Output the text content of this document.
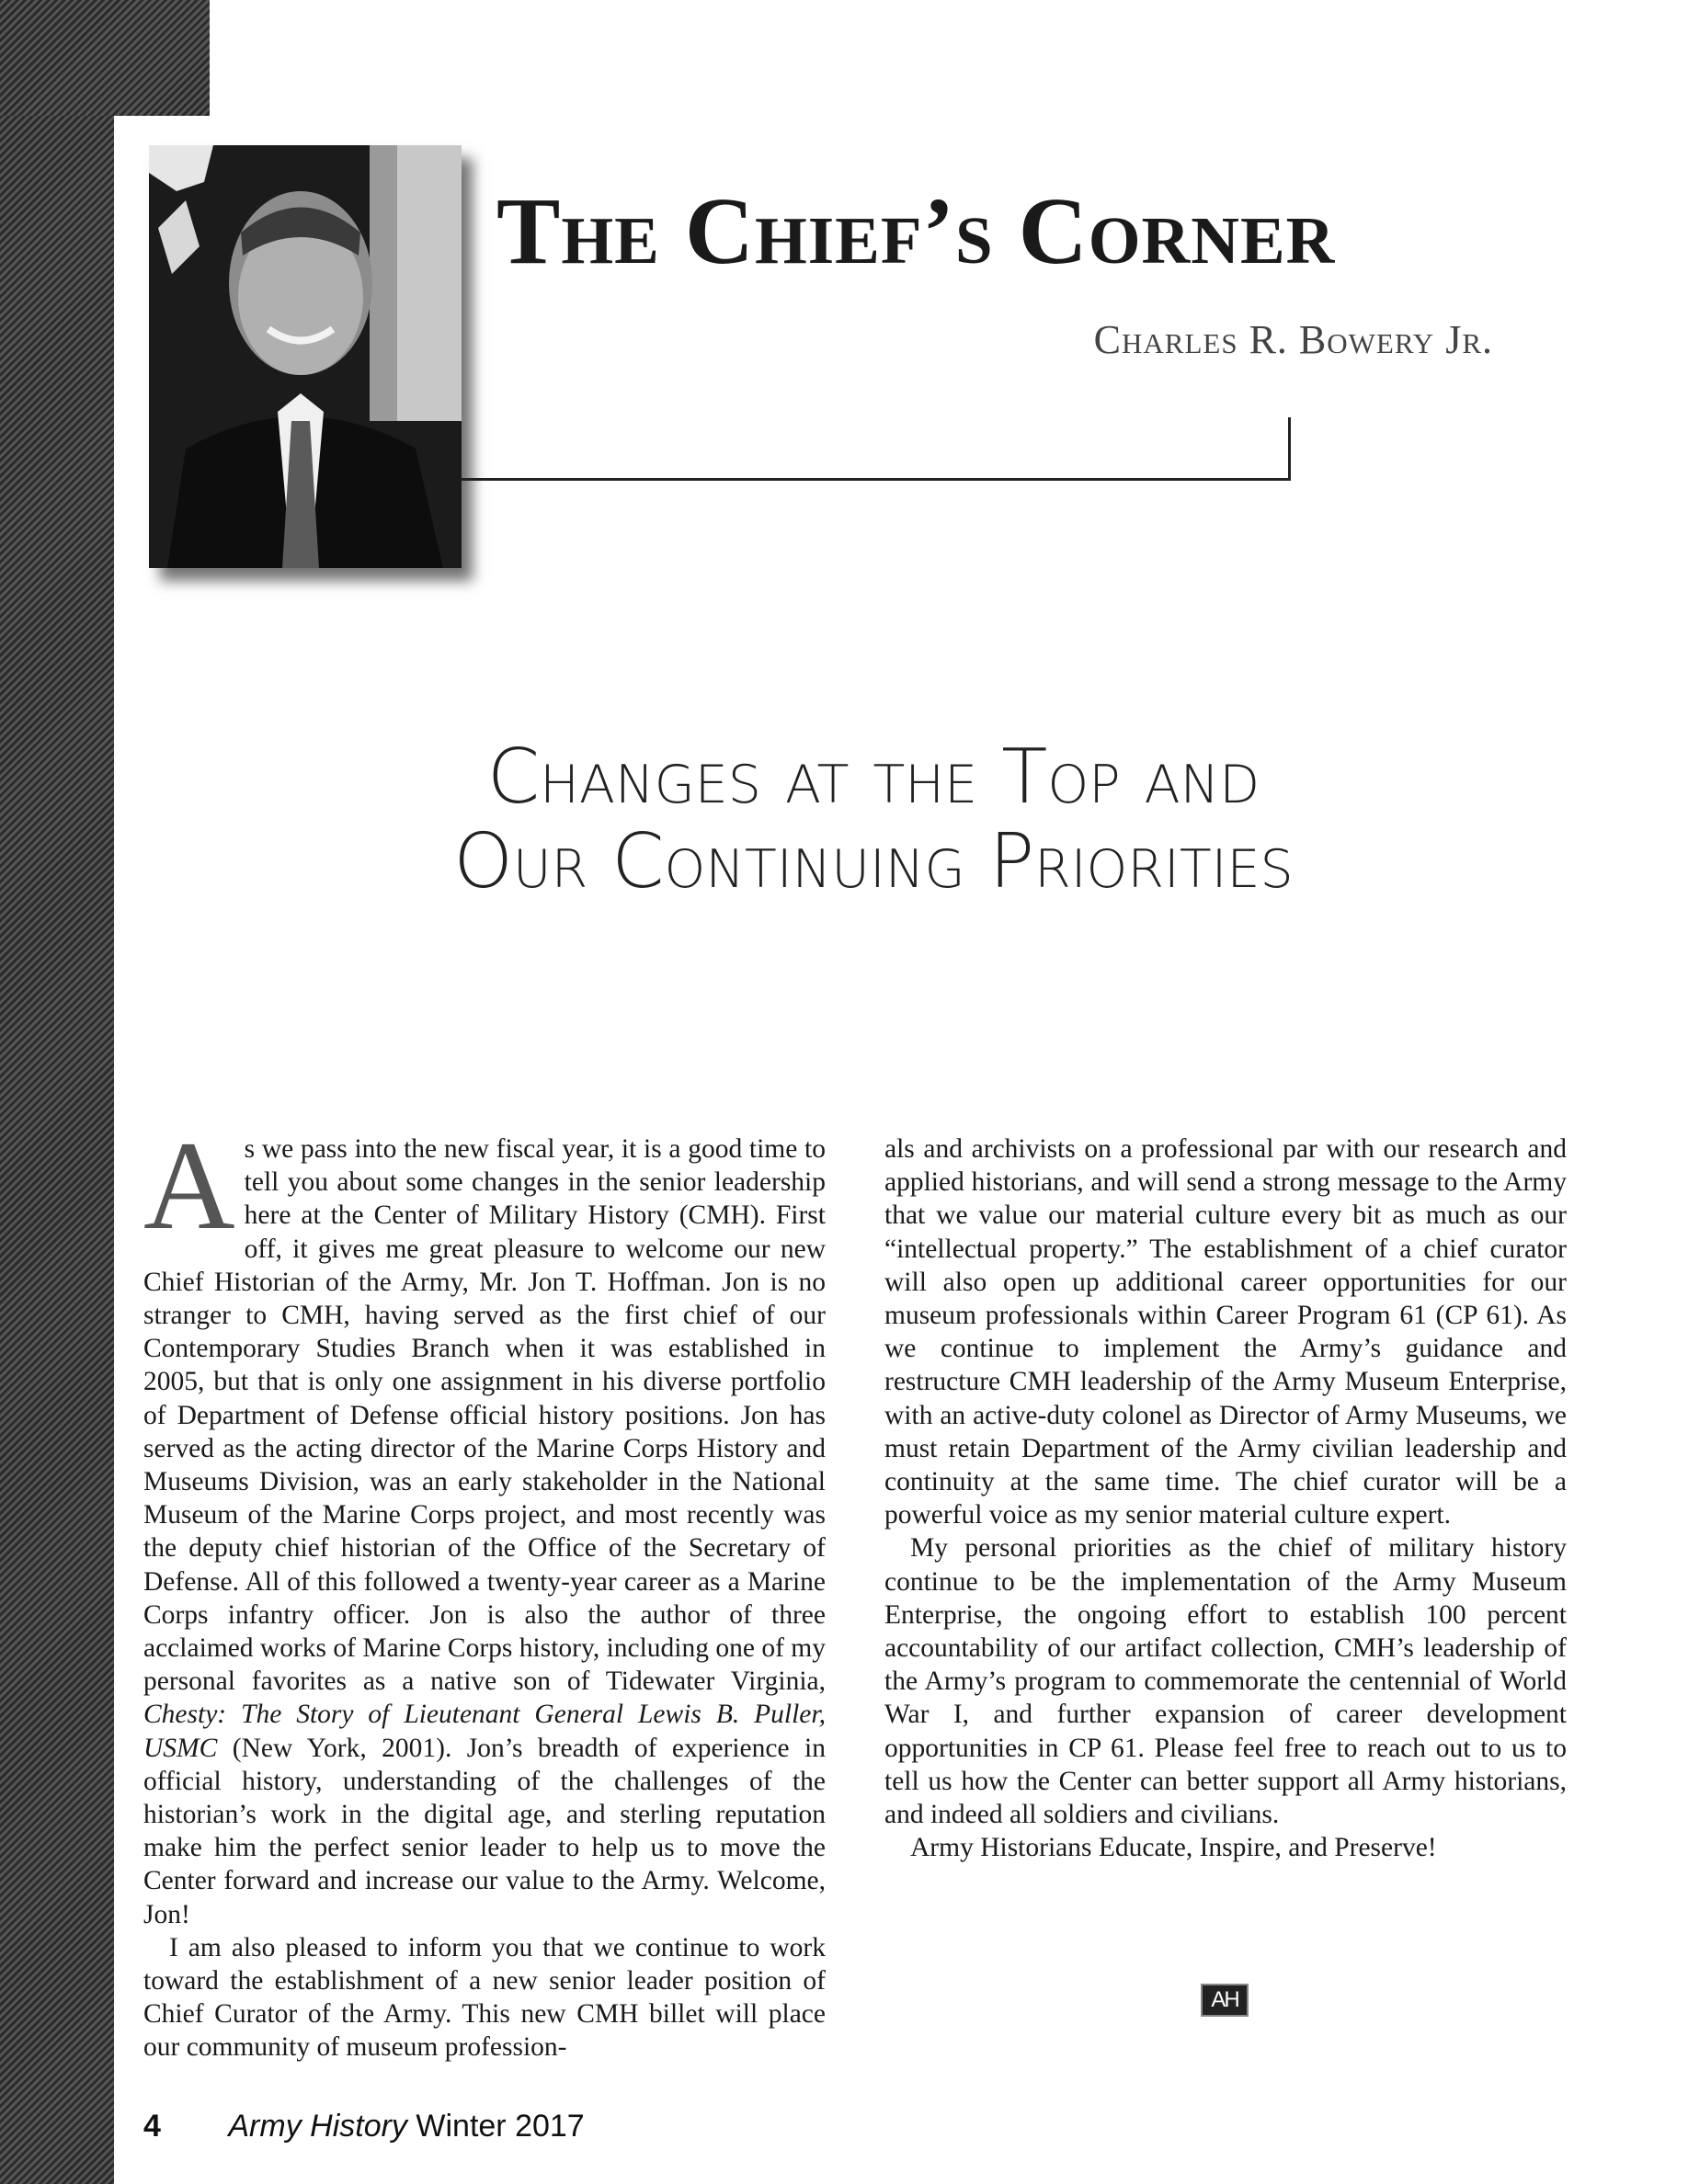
The Chief’s Corner
Charles R. Bowery Jr.
Changes at the Top and
Our Continuing Priorities

As we pass into the new fiscal year, it is a good time to tell you about some changes in the senior leadership here at the Center of Military History (CMH). First off, it gives me great pleasure to welcome our new Chief Historian of the Army, Mr. Jon T. Hoffman. Jon is no stranger to CMH, having served as the first chief of our Contemporary Studies Branch when it was established in 2005, but that is only one assignment in his diverse portfolio of Department of Defense official history positions. Jon has served as the acting director of the Marine Corps History and Museums Division, was an early stakeholder in the National Museum of the Marine Corps project, and most recently was the deputy chief historian of the Office of the Secretary of Defense. All of this followed a twenty-year career as a Marine Corps infantry officer. Jon is also the author of three acclaimed works of Marine Corps history, including one of my personal favorites as a native son of Tidewater Virginia, Chesty: The Story of Lieutenant General Lewis B. Puller, USMC (New York, 2001). Jon’s breadth of experience in official history, understanding of the challenges of the historian’s work in the digital age, and sterling reputation make him the perfect senior leader to help us to move the Center forward and increase our value to the Army. Welcome, Jon!

I am also pleased to inform you that we continue to work toward the establishment of a new senior leader position of Chief Curator of the Army. This new CMH billet will place our community of museum profession-

als and archivists on a professional par with our research and applied historians, and will send a strong message to the Army that we value our material culture every bit as much as our “intellectual property.” The establishment of a chief curator will also open up additional career opportunities for our museum professionals within Career Program 61 (CP 61). As we continue to implement the Army’s guidance and restructure CMH leadership of the Army Museum Enterprise, with an active-duty colonel as Director of Army Museums, we must retain Department of the Army civilian leadership and continuity at the same time. The chief curator will be a powerful voice as my senior material culture expert.

My personal priorities as the chief of military history continue to be the implementation of the Army Museum Enterprise, the ongoing effort to establish 100 percent accountability of our artifact collection, CMH’s leadership of the Army’s program to commemorate the centennial of World War I, and further expansion of career development opportunities in CP 61. Please feel free to reach out to us to tell us how the Center can better support all Army historians, and indeed all soldiers and civilians.

Army Historians Educate, Inspire, and Preserve!

AH
4 Army History Winter 2017
